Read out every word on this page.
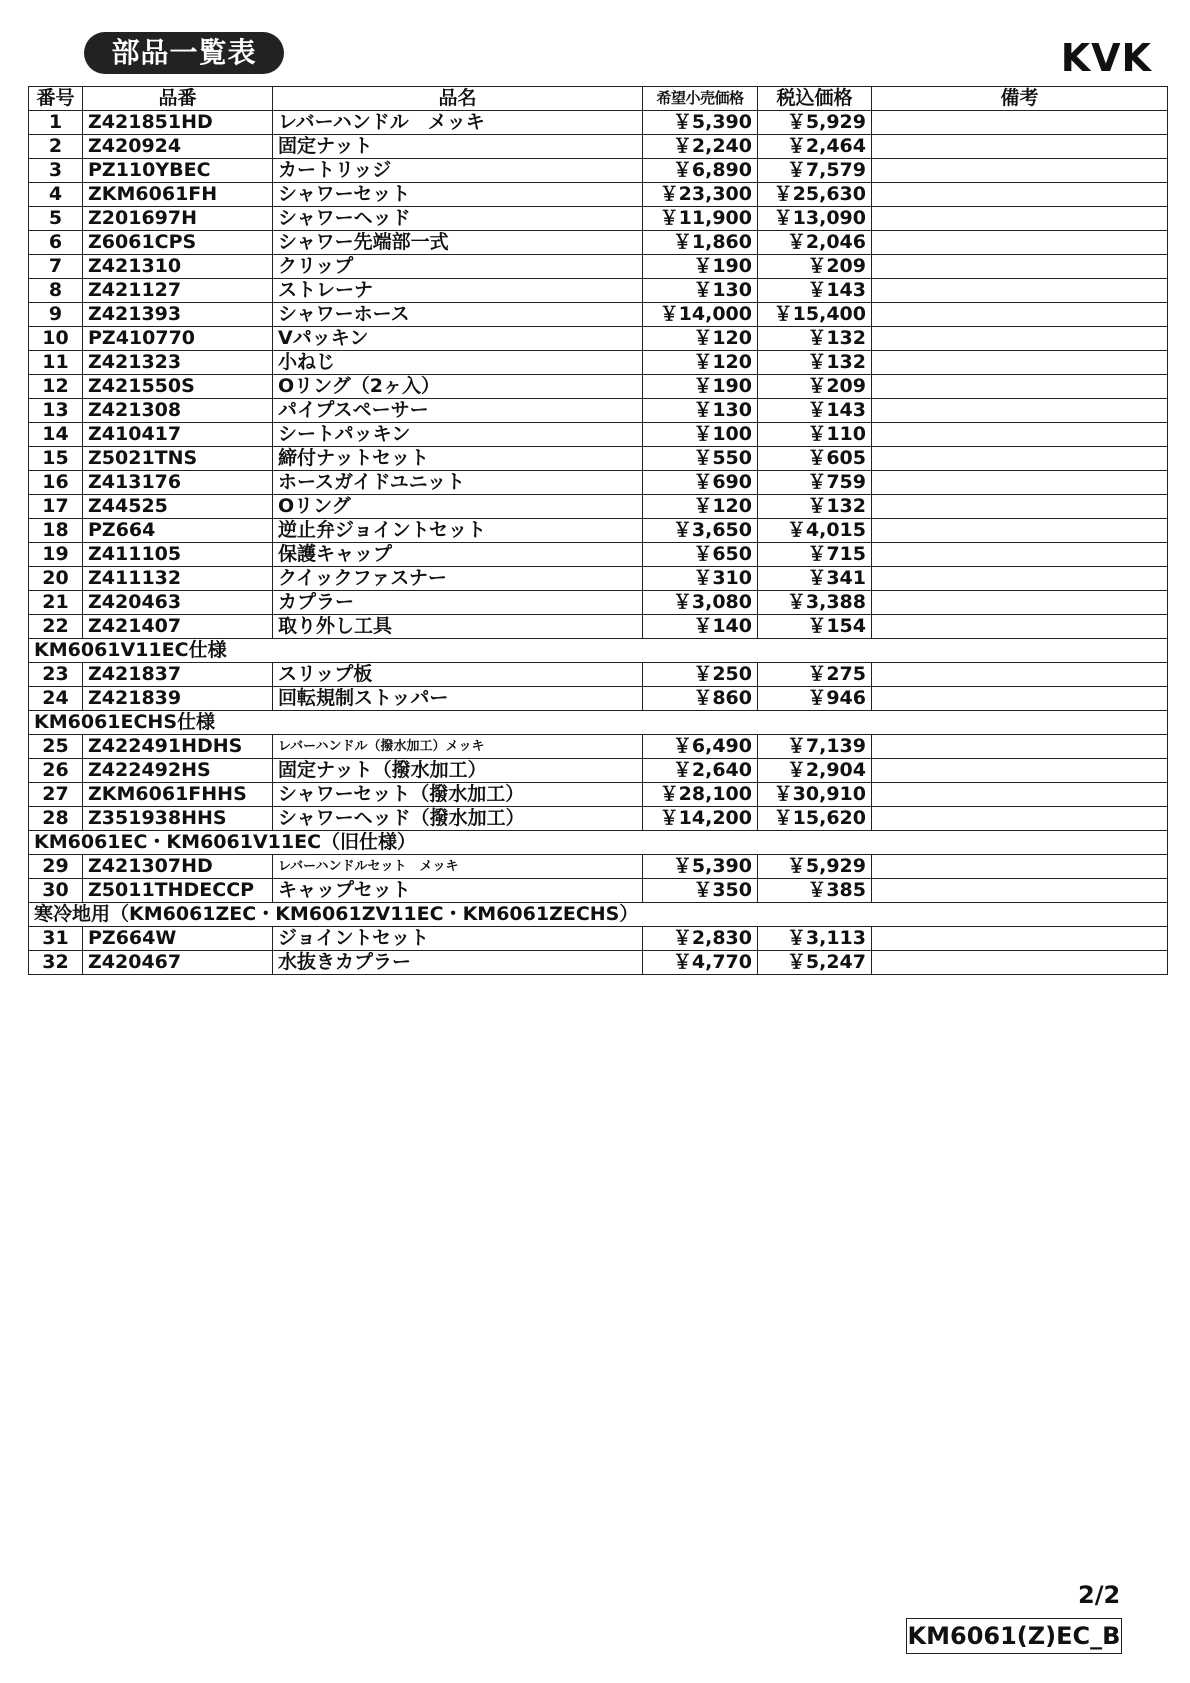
部品一覧表	KVK
番号	品番	品名	希望小売価格	税込価格	備考
1	Z421851HD	レバーハンドル　メッキ	￥5,390	￥5,929	
2	Z420924	固定ナット	￥2,240	￥2,464	
3	PZ110YBEC	カートリッジ	￥6,890	￥7,579	
4	ZKM6061FH	シャワーセット	￥23,300	￥25,630	
5	Z201697H	シャワーヘッド	￥11,900	￥13,090	
6	Z6061CPS	シャワー先端部一式	￥1,860	￥2,046	
7	Z421310	クリップ	￥190	￥209	
8	Z421127	ストレーナ	￥130	￥143	
9	Z421393	シャワーホース	￥14,000	￥15,400	
10	PZ410770	Vパッキン	￥120	￥132	
11	Z421323	小ねじ	￥120	￥132	
12	Z421550S	Oリング（2ヶ入）	￥190	￥209	
13	Z421308	パイプスペーサー	￥130	￥143	
14	Z410417	シートパッキン	￥100	￥110	
15	Z5021TNS	締付ナットセット	￥550	￥605	
16	Z413176	ホースガイドユニット	￥690	￥759	
17	Z44525	Oリング	￥120	￥132	
18	PZ664	逆止弁ジョイントセット	￥3,650	￥4,015	
19	Z411105	保護キャップ	￥650	￥715	
20	Z411132	クイックファスナー	￥310	￥341	
21	Z420463	カプラー	￥3,080	￥3,388	
22	Z421407	取り外し工具	￥140	￥154	
KM6061V11EC仕様					
23	Z421837	スリップ板	￥250	￥275	
24	Z421839	回転規制ストッパー	￥860	￥946	
KM6061ECHS仕様					
25	Z422491HDHS	レバーハンドル（撥水加工）メッキ	￥6,490	￥7,139	
26	Z422492HS	固定ナット（撥水加工）	￥2,640	￥2,904	
27	ZKM6061FHHS	シャワーセット（撥水加工）	￥28,100	￥30,910	
28	Z351938HHS	シャワーヘッド（撥水加工）	￥14,200	￥15,620	
KM6061EC・KM6061V11EC（旧仕様）					
29	Z421307HD	レバーハンドルセット　メッキ	￥5,390	￥5,929	
30	Z5011THDECCP	キャップセット	￥350	￥385	
寒冷地用（KM6061ZEC・KM6061ZV11EC・KM6061ZECHS）					
31	PZ664W	ジョイントセット	￥2,830	￥3,113	
32	Z420467	水抜きカプラー	￥4,770	￥5,247	
2/2
KM6061(Z)EC_B
